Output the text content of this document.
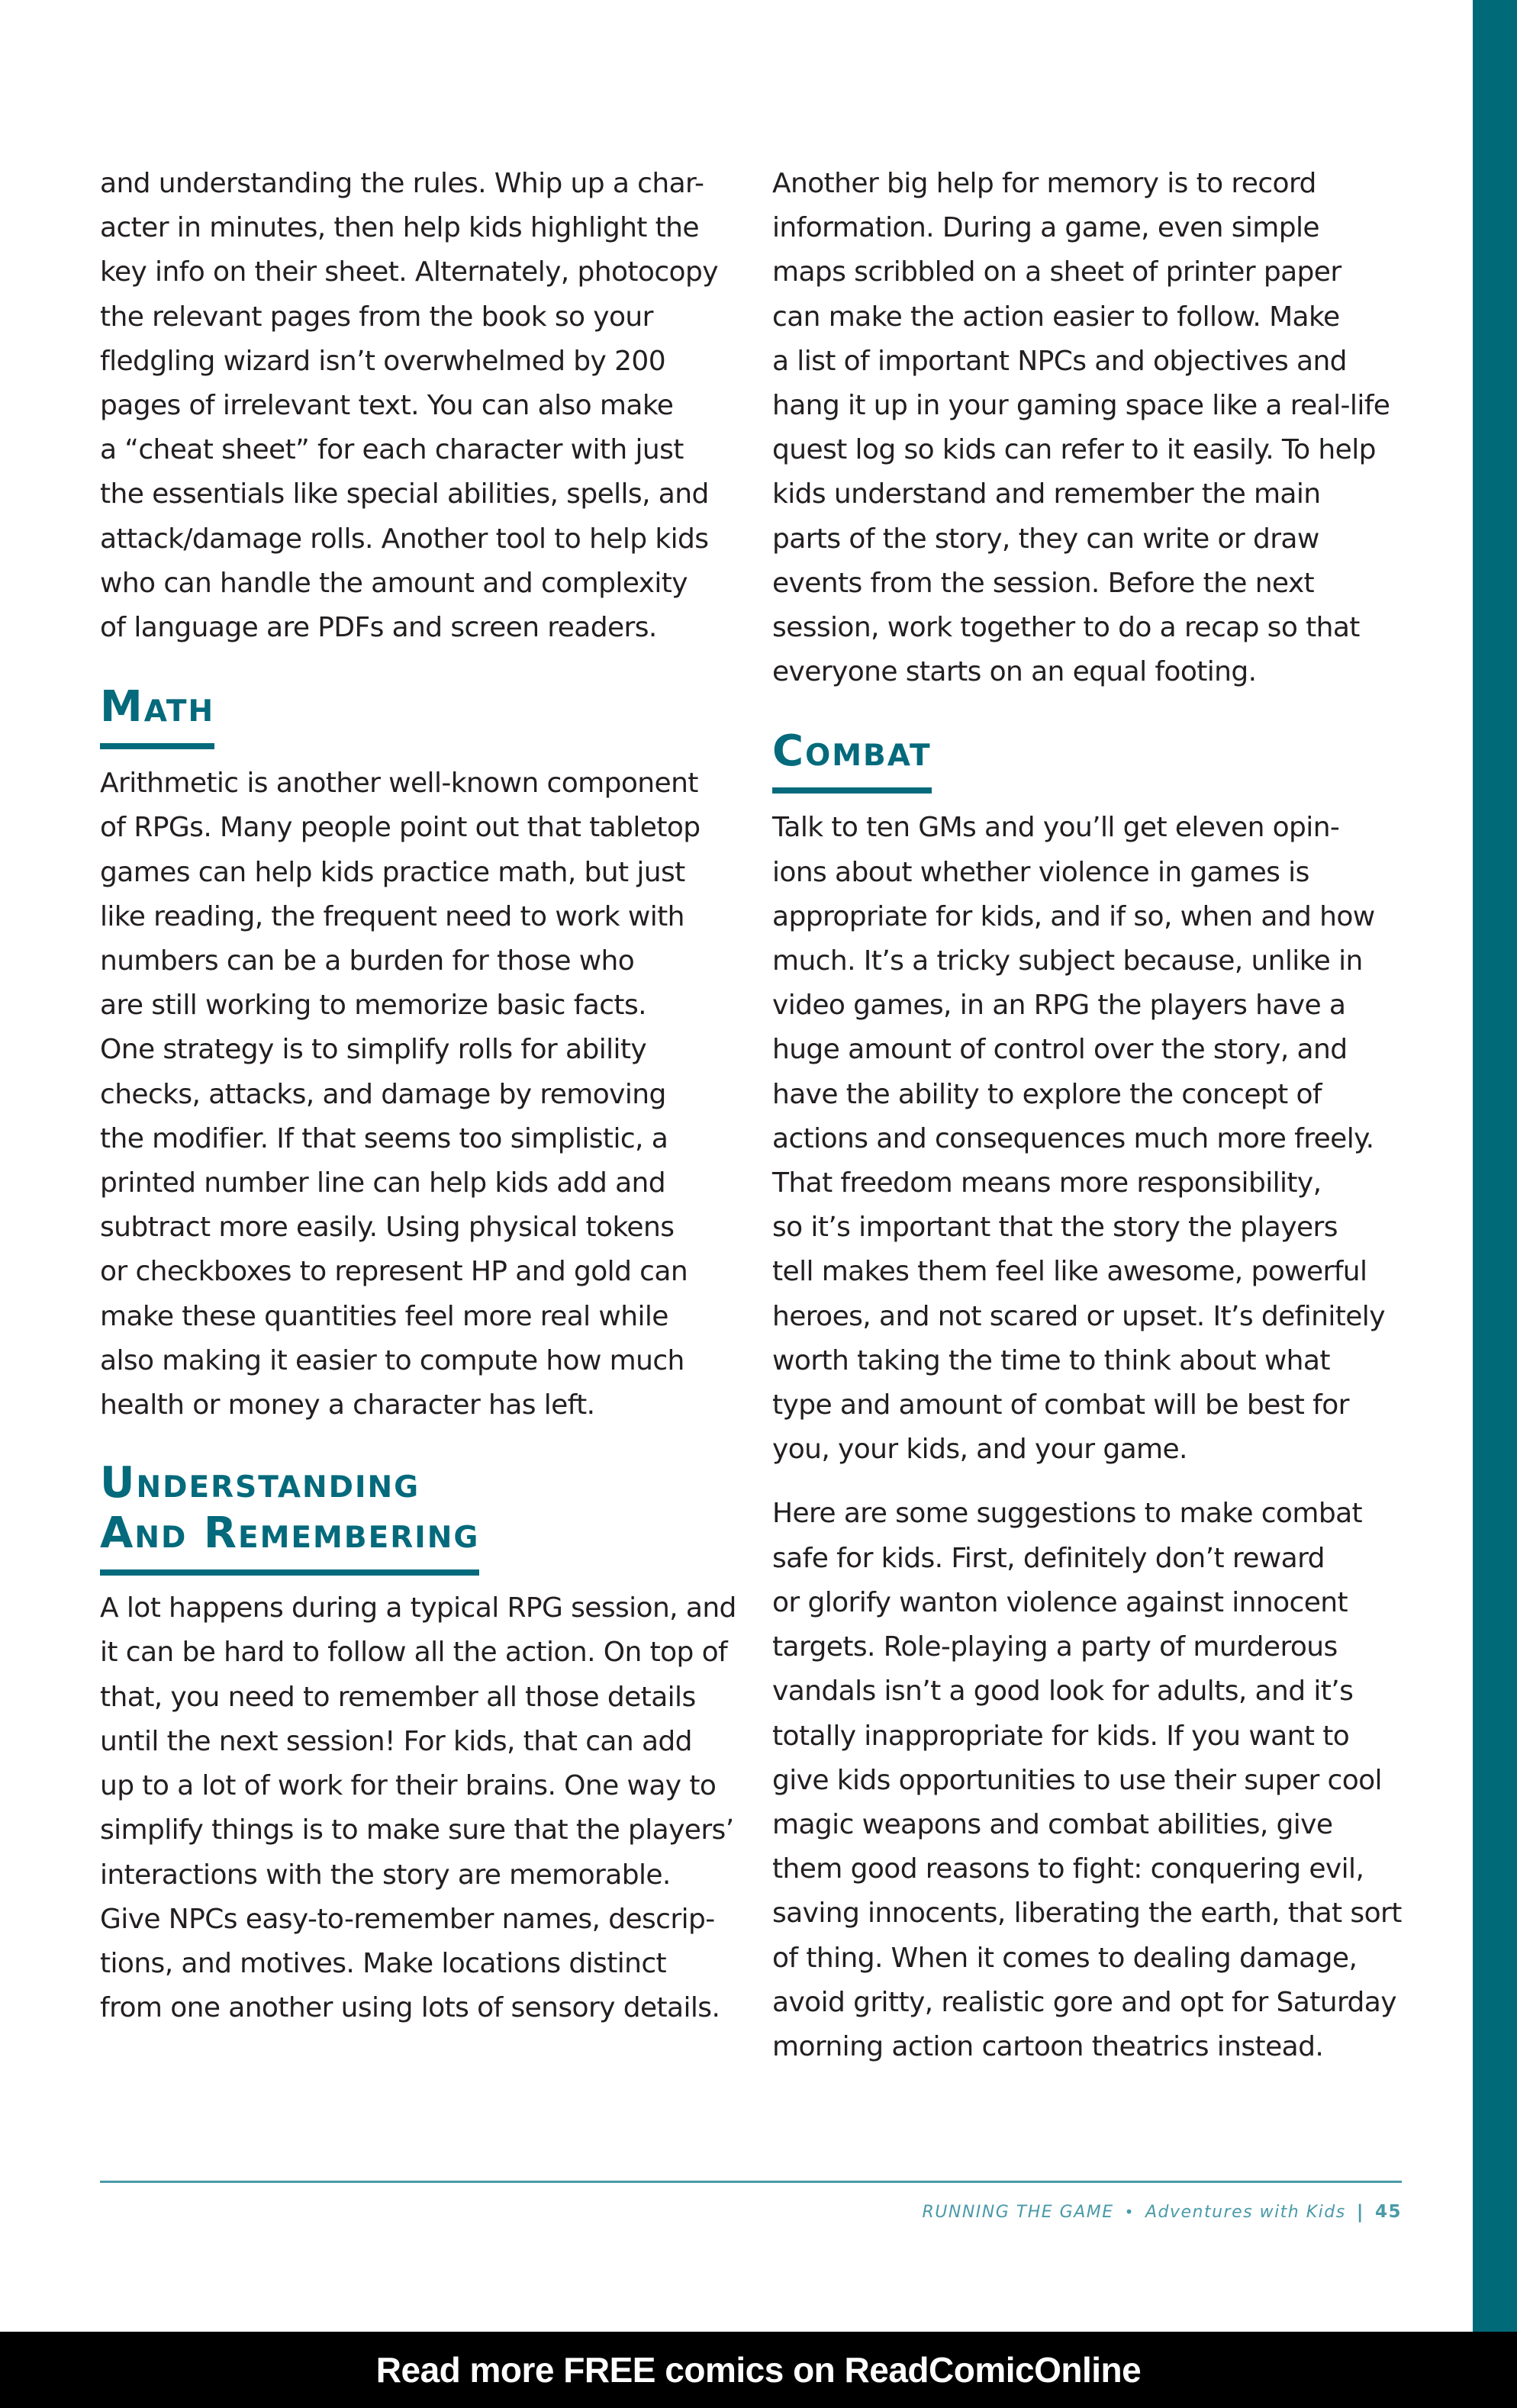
and understanding the rules. Whip up a char-
acter in minutes, then help kids highlight the
key info on their sheet. Alternately, photocopy
the relevant pages from the book so your
fledgling wizard isn’t overwhelmed by 200
pages of irrelevant text. You can also make
a “cheat sheet” for each character with just
the essentials like special abilities, spells, and
attack/damage rolls. Another tool to help kids
who can handle the amount and complexity
of language are PDFs and screen readers.

Math

Arithmetic is another well-known component
of RPGs. Many people point out that tabletop
games can help kids practice math, but just
like reading, the frequent need to work with
numbers can be a burden for those who
are still working to memorize basic facts.
One strategy is to simplify rolls for ability
checks, attacks, and damage by removing
the modifier. If that seems too simplistic, a
printed number line can help kids add and
subtract more easily. Using physical tokens
or checkboxes to represent HP and gold can
make these quantities feel more real while
also making it easier to compute how much
health or money a character has left.

Understanding
And Remembering

A lot happens during a typical RPG session, and
it can be hard to follow all the action. On top of
that, you need to remember all those details
until the next session! For kids, that can add
up to a lot of work for their brains. One way to
simplify things is to make sure that the players’
interactions with the story are memorable.
Give NPCs easy-to-remember names, descrip-
tions, and motives. Make locations distinct
from one another using lots of sensory details.

Another big help for memory is to record
information. During a game, even simple
maps scribbled on a sheet of printer paper
can make the action easier to follow. Make
a list of important NPCs and objectives and
hang it up in your gaming space like a real-life
quest log so kids can refer to it easily. To help
kids understand and remember the main
parts of the story, they can write or draw
events from the session. Before the next
session, work together to do a recap so that
everyone starts on an equal footing.

Combat

Talk to ten GMs and you’ll get eleven opin-
ions about whether violence in games is
appropriate for kids, and if so, when and how
much. It’s a tricky subject because, unlike in
video games, in an RPG the players have a
huge amount of control over the story, and
have the ability to explore the concept of
actions and consequences much more freely.
That freedom means more responsibility,
so it’s important that the story the players
tell makes them feel like awesome, powerful
heroes, and not scared or upset. It’s definitely
worth taking the time to think about what
type and amount of combat will be best for
you, your kids, and your game.

Here are some suggestions to make combat
safe for kids. First, definitely don’t reward
or glorify wanton violence against innocent
targets. Role-playing a party of murderous
vandals isn’t a good look for adults, and it’s
totally inappropriate for kids. If you want to
give kids opportunities to use their super cool
magic weapons and combat abilities, give
them good reasons to fight: conquering evil,
saving innocents, liberating the earth, that sort
of thing. When it comes to dealing damage,
avoid gritty, realistic gore and opt for Saturday
morning action cartoon theatrics instead.

RUNNING THE GAME • Adventures with Kids | 45
Read more FREE comics on ReadComicOnline
